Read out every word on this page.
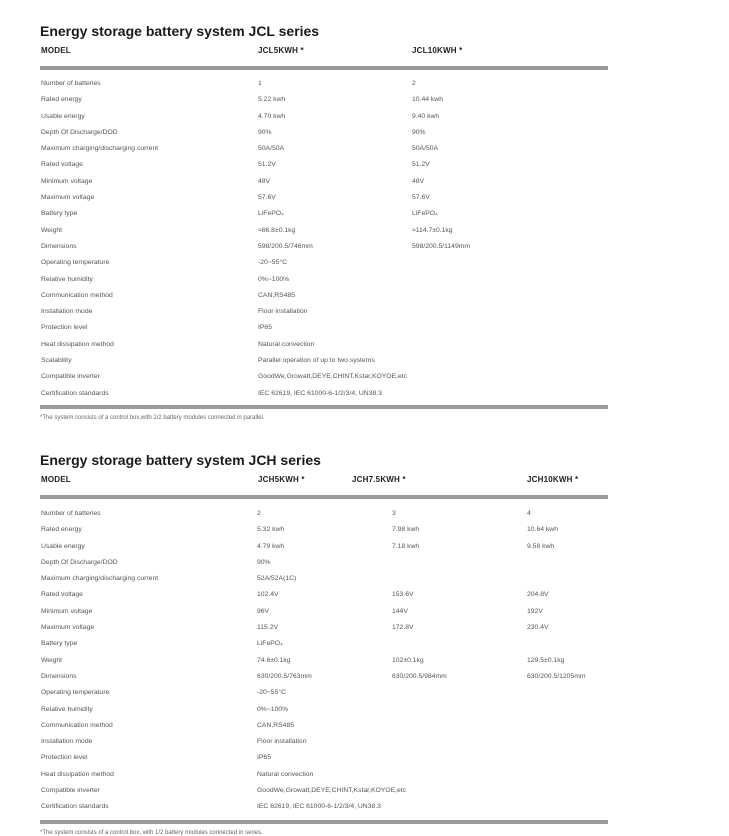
Energy storage battery system JCL series
MODEL	JCL5KWH *	JCL10KWH *
Number of batteries	1	2
Rated energy	5.22 kwh	10.44 kwh
Usable energy	4.70 kwh	9.40 kwh
Depth Of Discharge/DOD	90%	90%
Maximum charging/discharging current	50A/50A	50A/50A
Rated voltage	51.2V	51.2V
Minimum voltage	48V	48V
Maximum voltage	57.6V	57.6V
Battery type	LiFePO₄	LiFePO₄
Weight	≈66.8±0.1kg	≈114.7±0.1kg
Dimensions	598/200.5/746mm	598/200.5/1149mm
Operating temperature	-20~55°C
Relative humidity	0%~100%
Communication method	CAN,RS485
Installation mode	Floor installation
Protection level	IP65
Heat dissipation method	Natural convection
Scalability	Parallel operation of up to two systems
Compatible inverter	GoodWe,Growatt,DEYE,CHINT,Kstar,KOYOE,etc
Certification standards	IEC 62619, IEC 61000-6-1/2/3/4, UN38.3
*The system consists of a control box,with 1/2 battery modules connected in parallel.
Energy storage battery system JCH series
MODEL	JCH5KWH *	JCH7.5KWH *	JCH10KWH *
Number of batteries	2	3	4
Rated energy	5.32 kwh	7.98 kwh	10.64 kwh
Usable energy	4.79 kwh	7.18 kwh	9.58 kwh
Depth Of Discharge/DOD	90%
Maximum charging/discharging current	52A/52A(1C)
Rated voltage	102.4V	153.6V	204.8V
Minimum voltage	96V	144V	192V
Maximum voltage	115.2V	172.8V	230.4V
Battery type	LiFePO₄
Weight	74.6±0.1kg	102±0.1kg	129.5±0.1kg
Dimensions	630/200.5/763mm	630/200.5/984mm	630/200.5/1205mm
Operating temperature	-20~55°C
Relative humidity	0%~100%
Communication method	CAN,RS485
Installation mode	Floor installation
Protection level	IP65
Heat dissipation method	Natural convection
Compatible inverter	GoodWe,Growatt,DEYE,CHINT,Kstar,KOYOE,etc
Certification standards	IEC 62619, IEC 61000-6-1/2/3/4, UN38.3
*The system consists of a control box, with 1/2 battery modules connected in series.
